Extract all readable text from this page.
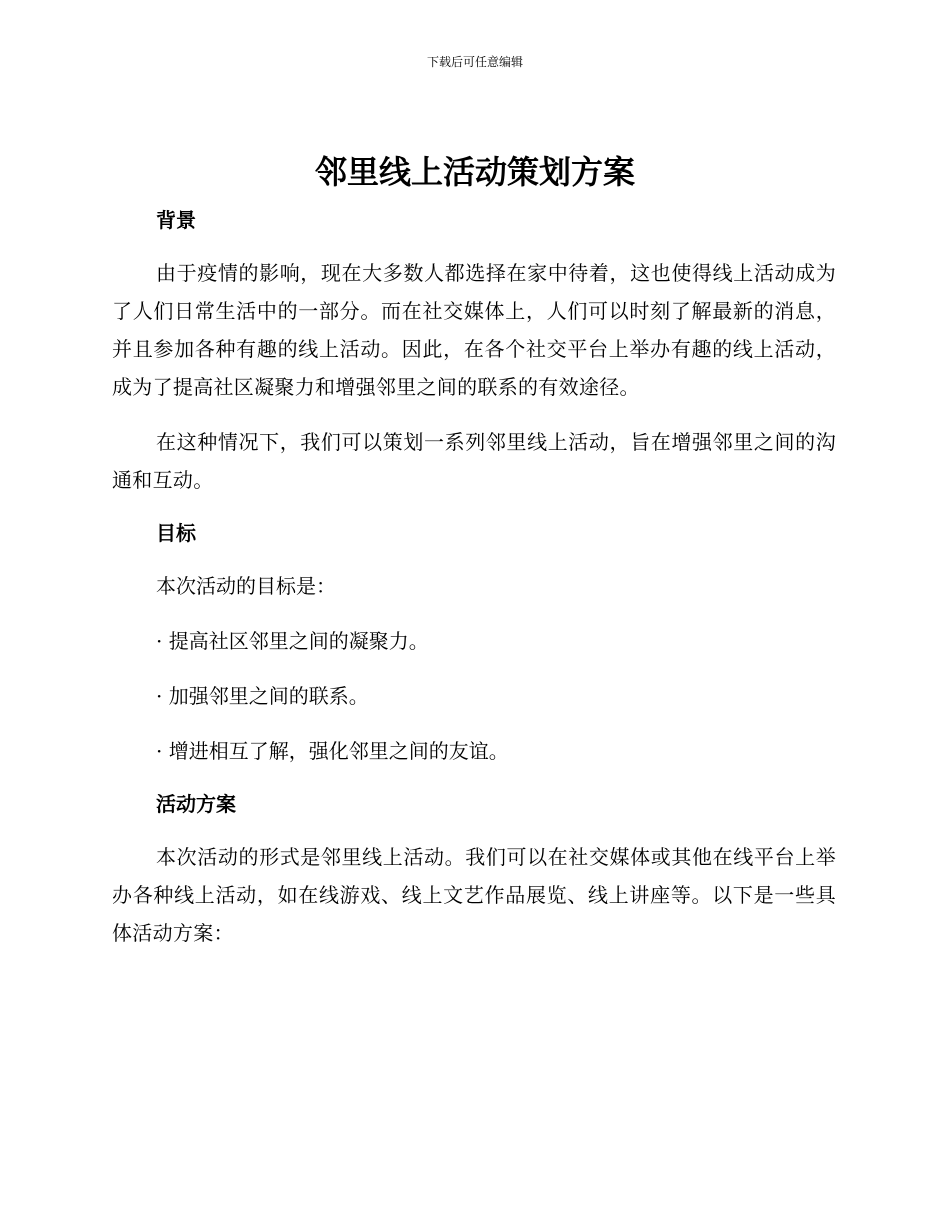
下载后可任意编辑
邻里线上活动策划方案
背景

由于疫情的影响，现在大多数人都选择在家中待着，这也使得线上活动成为了人们日常生活中的一部分。而在社交媒体上，人们可以时刻了解最新的消息，并且参加各种有趣的线上活动。因此，在各个社交平台上举办有趣的线上活动，成为了提高社区凝聚力和增强邻里之间的联系的有效途径。

在这种情况下，我们可以策划一系列邻里线上活动，旨在增强邻里之间的沟通和互动。

目标

本次活动的目标是：

· 提高社区邻里之间的凝聚力。

· 加强邻里之间的联系。

· 增进相互了解，强化邻里之间的友谊。

活动方案

本次活动的形式是邻里线上活动。我们可以在社交媒体或其他在线平台上举办各种线上活动，如在线游戏、线上文艺作品展览、线上讲座等。以下是一些具体活动方案：
